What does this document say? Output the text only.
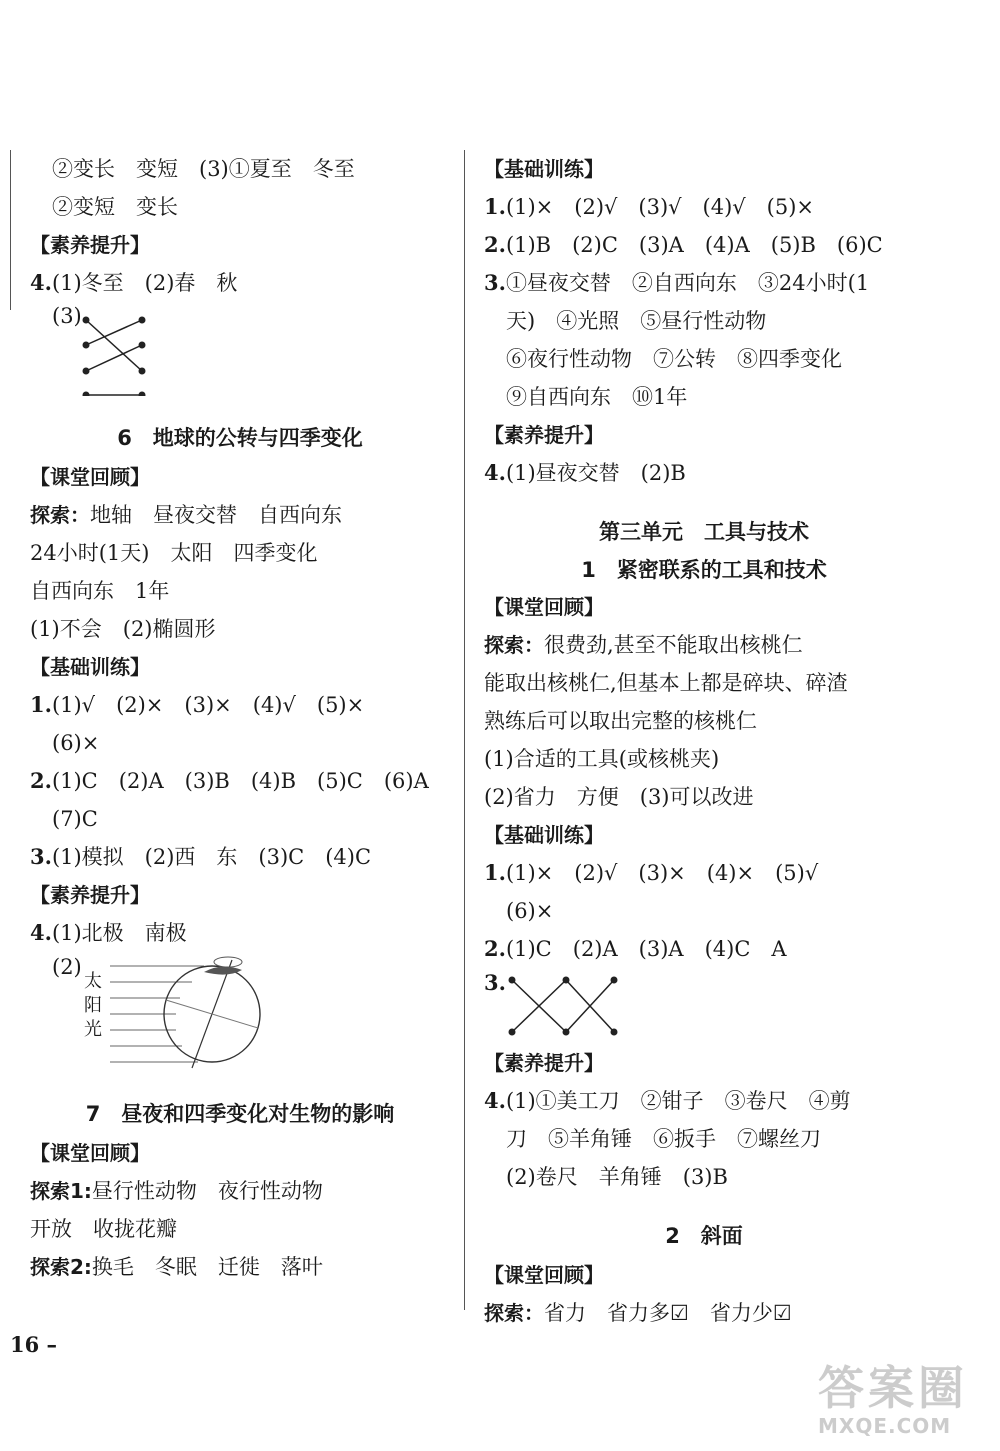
②变长　变短　(3)①夏至　冬至
②变短　变长
【素养提升】
4.(1)冬至　(2)春　秋
(3)
6　地球的公转与四季变化
【课堂回顾】
探索：地轴　昼夜交替　自西向东
24小时(1天)　太阳　四季变化
自西向东　1年
(1)不会　(2)椭圆形
【基础训练】
1.(1)√　(2)×　(3)×　(4)√　(5)×
(6)×
2.(1)C　(2)A　(3)B　(4)B　(5)C　(6)A
(7)C
3.(1)模拟　(2)西　东　(3)C　(4)C
【素养提升】
4.(1)北极　南极
(2)
太
阳
光
7　昼夜和四季变化对生物的影响
【课堂回顾】
探索1:昼行性动物　夜行性动物
开放　收拢花瓣
探索2:换毛　冬眠　迁徙　落叶
【基础训练】
1.(1)×　(2)√　(3)√　(4)√　(5)×
2.(1)B　(2)C　(3)A　(4)A　(5)B　(6)C
3.①昼夜交替　②自西向东　③24小时(1
天)　④光照　⑤昼行性动物
⑥夜行性动物　⑦公转　⑧四季变化
⑨自西向东　⑩1年
【素养提升】
4.(1)昼夜交替　(2)B
第三单元　工具与技术
1　紧密联系的工具和技术
【课堂回顾】
探索：很费劲,甚至不能取出核桃仁
能取出核桃仁,但基本上都是碎块、碎渣
熟练后可以取出完整的核桃仁
(1)合适的工具(或核桃夹)
(2)省力　方便　(3)可以改进
【基础训练】
1.(1)×　(2)√　(3)×　(4)×　(5)√
(6)×
2.(1)C　(2)A　(3)A　(4)C　A
3.
【素养提升】
4.(1)①美工刀　②钳子　③卷尺　④剪
刀　⑤羊角锤　⑥扳手　⑦螺丝刀
(2)卷尺　羊角锤　(3)B
2　斜面
【课堂回顾】
探索：省力　省力多☑　省力少☑
16 –
答案圈
MXQE.COM
